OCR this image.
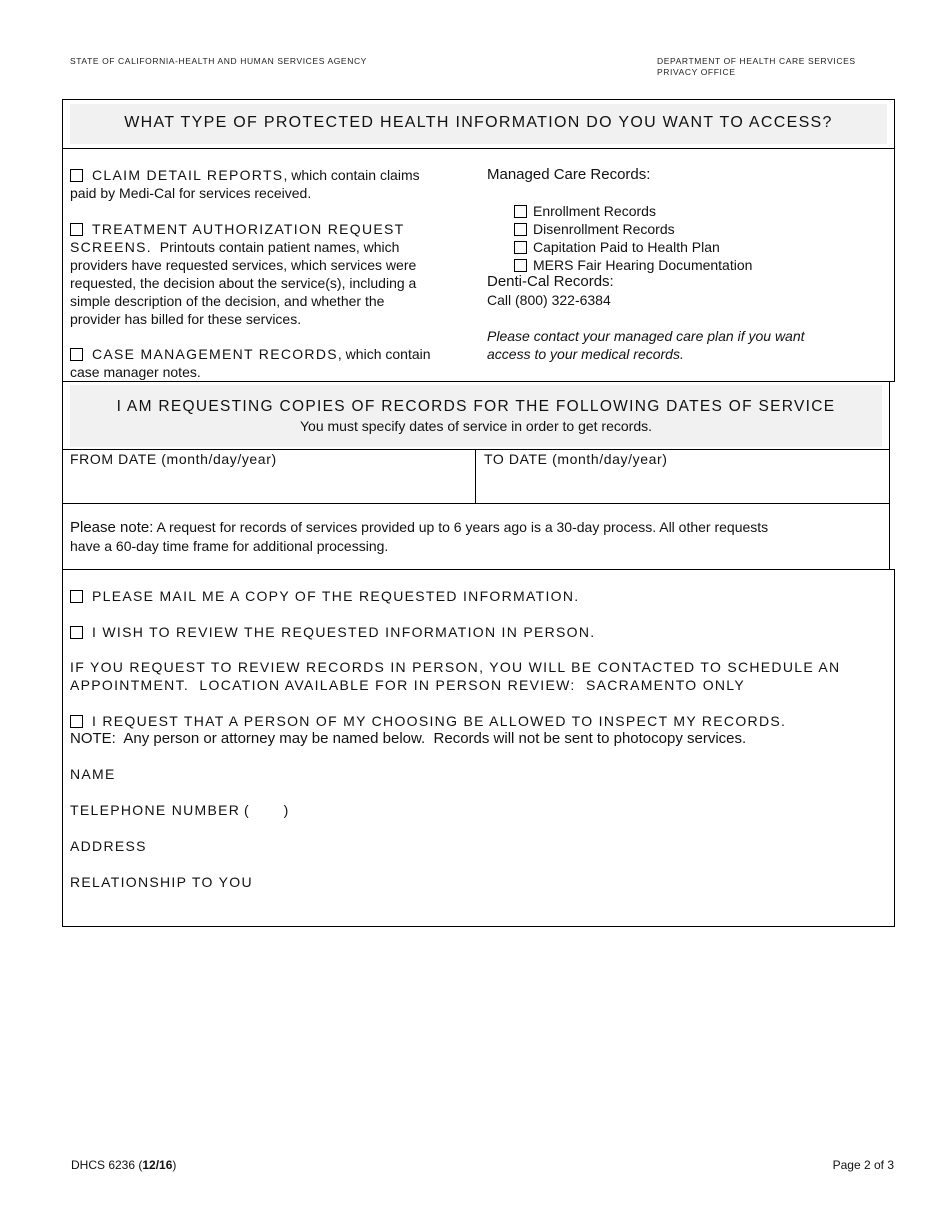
STATE OF CALIFORNIA-HEALTH AND HUMAN SERVICES AGENCY	DEPARTMENT OF HEALTH CARE SERVICES
PRIVACY OFFICE
WHAT TYPE OF PROTECTED HEALTH INFORMATION DO YOU WANT TO ACCESS?
CLAIM DETAIL REPORTS, which contain claims
paid by Medi-Cal for services received.
TREATMENT AUTHORIZATION REQUEST
SCREENS.  Printouts contain patient names, which
providers have requested services, which services were
requested, the decision about the service(s), including a
simple description of the decision, and whether the
provider has billed for these services.
CASE MANAGEMENT RECORDS, which contain
case manager notes.
Managed Care Records:
Enrollment Records
Disenrollment Records
Capitation Paid to Health Plan
MERS Fair Hearing Documentation
Denti-Cal Records:
Call (800) 322-6384
Please contact your managed care plan if you want
access to your medical records.
I AM REQUESTING COPIES OF RECORDS FOR THE FOLLOWING DATES OF SERVICE
You must specify dates of service in order to get records.
FROM DATE (month/day/year)	TO DATE (month/day/year)
Please note: A request for records of services provided up to 6 years ago is a 30-day process. All other requests
have a 60-day time frame for additional processing.
PLEASE MAIL ME A COPY OF THE REQUESTED INFORMATION.
I WISH TO REVIEW THE REQUESTED INFORMATION IN PERSON.
IF YOU REQUEST TO REVIEW RECORDS IN PERSON, YOU WILL BE CONTACTED TO SCHEDULE AN
APPOINTMENT.  LOCATION AVAILABLE FOR IN PERSON REVIEW:  SACRAMENTO ONLY
I REQUEST THAT A PERSON OF MY CHOOSING BE ALLOWED TO INSPECT MY RECORDS.
NOTE:  Any person or attorney may be named below.  Records will not be sent to photocopy services.
NAME
TELEPHONE NUMBER (         )
ADDRESS
RELATIONSHIP TO YOU
DHCS 6236 (12/16)	Page 2 of 3
